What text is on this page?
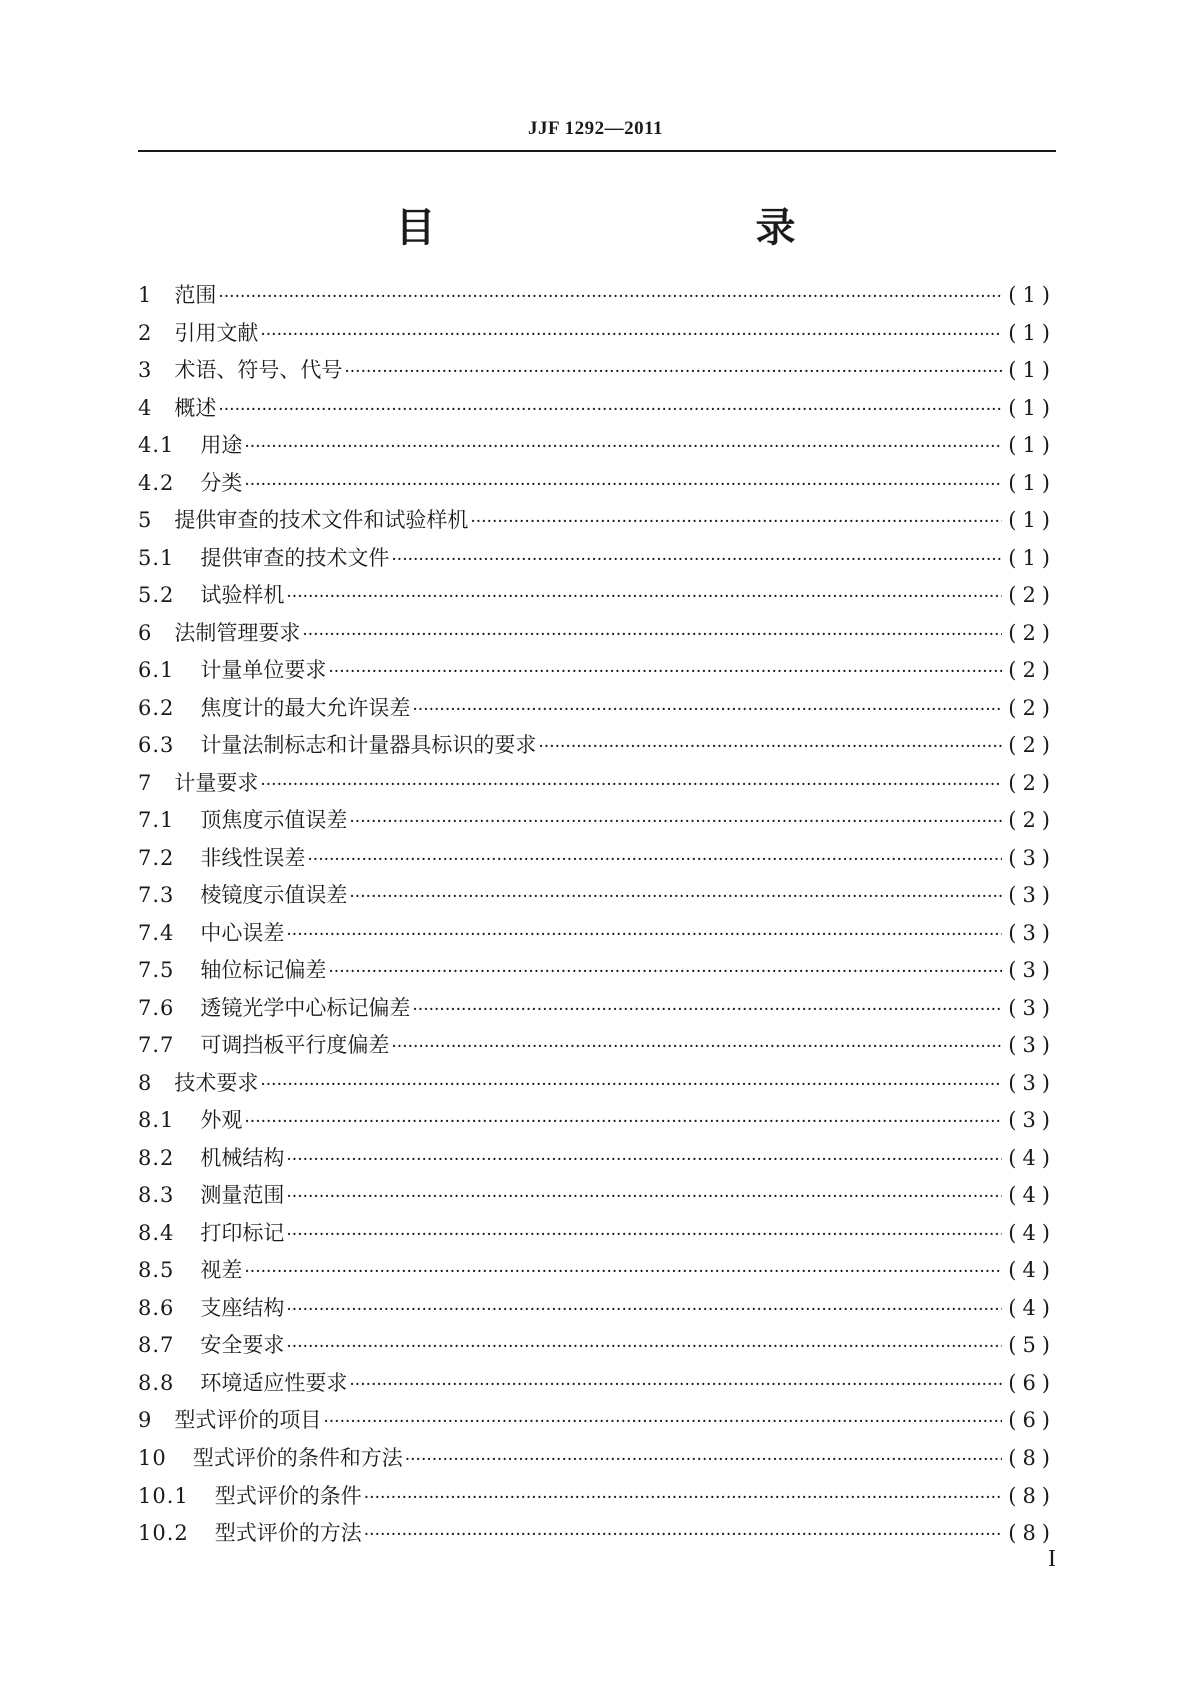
JJF 1292—2011
目　　录
1 范围 ·····	(1)
2 引用文献 ·····	(1)
3 术语、符号、代号 ·····	(1)
4 概述 ·····	(1)
4.1 用途 ·····	(1)
4.2 分类 ·····	(1)
5 提供审查的技术文件和试验样机 ·····	(1)
5.1 提供审查的技术文件 ·····	(1)
5.2 试验样机 ·····	(2)
6 法制管理要求 ·····	(2)
6.1 计量单位要求 ·····	(2)
6.2 焦度计的最大允许误差 ·····	(2)
6.3 计量法制标志和计量器具标识的要求 ·····	(2)
7 计量要求 ·····	(2)
7.1 顶焦度示值误差 ·····	(2)
7.2 非线性误差 ·····	(3)
7.3 棱镜度示值误差 ·····	(3)
7.4 中心误差 ·····	(3)
7.5 轴位标记偏差 ·····	(3)
7.6 透镜光学中心标记偏差 ·····	(3)
7.7 可调挡板平行度偏差 ·····	(3)
8 技术要求 ·····	(3)
8.1 外观 ·····	(3)
8.2 机械结构 ·····	(4)
8.3 测量范围 ·····	(4)
8.4 打印标记 ·····	(4)
8.5 视差 ·····	(4)
8.6 支座结构 ·····	(4)
8.7 安全要求 ·····	(5)
8.8 环境适应性要求 ·····	(6)
9 型式评价的项目 ·····	(6)
10 型式评价的条件和方法 ·····	(8)
10.1 型式评价的条件 ·····	(8)
10.2 型式评价的方法 ·····	(8)
I
